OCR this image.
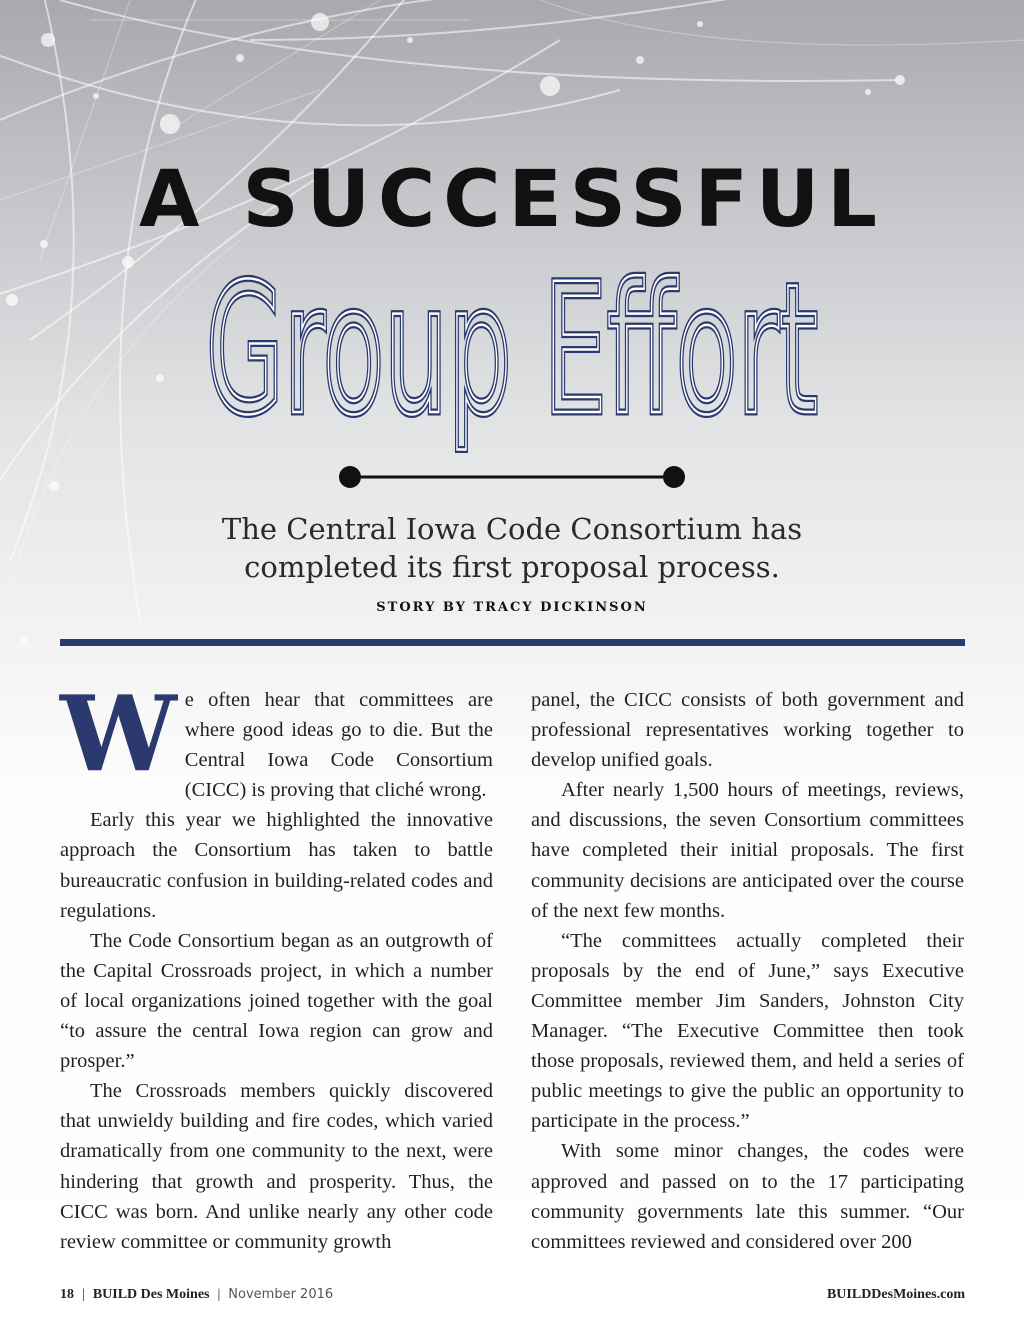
A SUCCESSFUL
Group Effort
Group Effort
The Central Iowa Code Consortium has
completed its first proposal process.
STORY BY TRACY DICKINSON

We often hear that committees are where good ideas go to die. But the Central Iowa Code Consortium (CICC) is proving that cliché wrong.

Early this year we highlighted the innovative approach the Consortium has taken to battle bureaucratic confusion in building-related codes and regulations.

The Code Consortium began as an outgrowth of the Capital Crossroads project, in which a number of local organizations joined together with the goal “to assure the central Iowa region can grow and prosper.”

The Crossroads members quickly discovered that unwieldy building and fire codes, which varied dramatically from one community to the next, were hindering that growth and prosperity. Thus, the CICC was born. And unlike nearly any other code review committee or community growth

panel, the CICC consists of both government and professional representatives working together to develop unified goals.

After nearly 1,500 hours of meetings, reviews, and discussions, the seven Consortium committees have completed their initial proposals. The first community decisions are anticipated over the course of the next few months.

“The committees actually completed their proposals by the end of June,” says Executive Committee member Jim Sanders, Johnston City Manager. “The Executive Committee then took those proposals, reviewed them, and held a series of public meetings to give the public an opportunity to participate in the process.”

With some minor changes, the codes were approved and passed on to the 17 participating community governments late this summer. “Our committees reviewed and considered over 200

18 | BUILD Des Moines | November 2016	BUILDDesMoines.com
